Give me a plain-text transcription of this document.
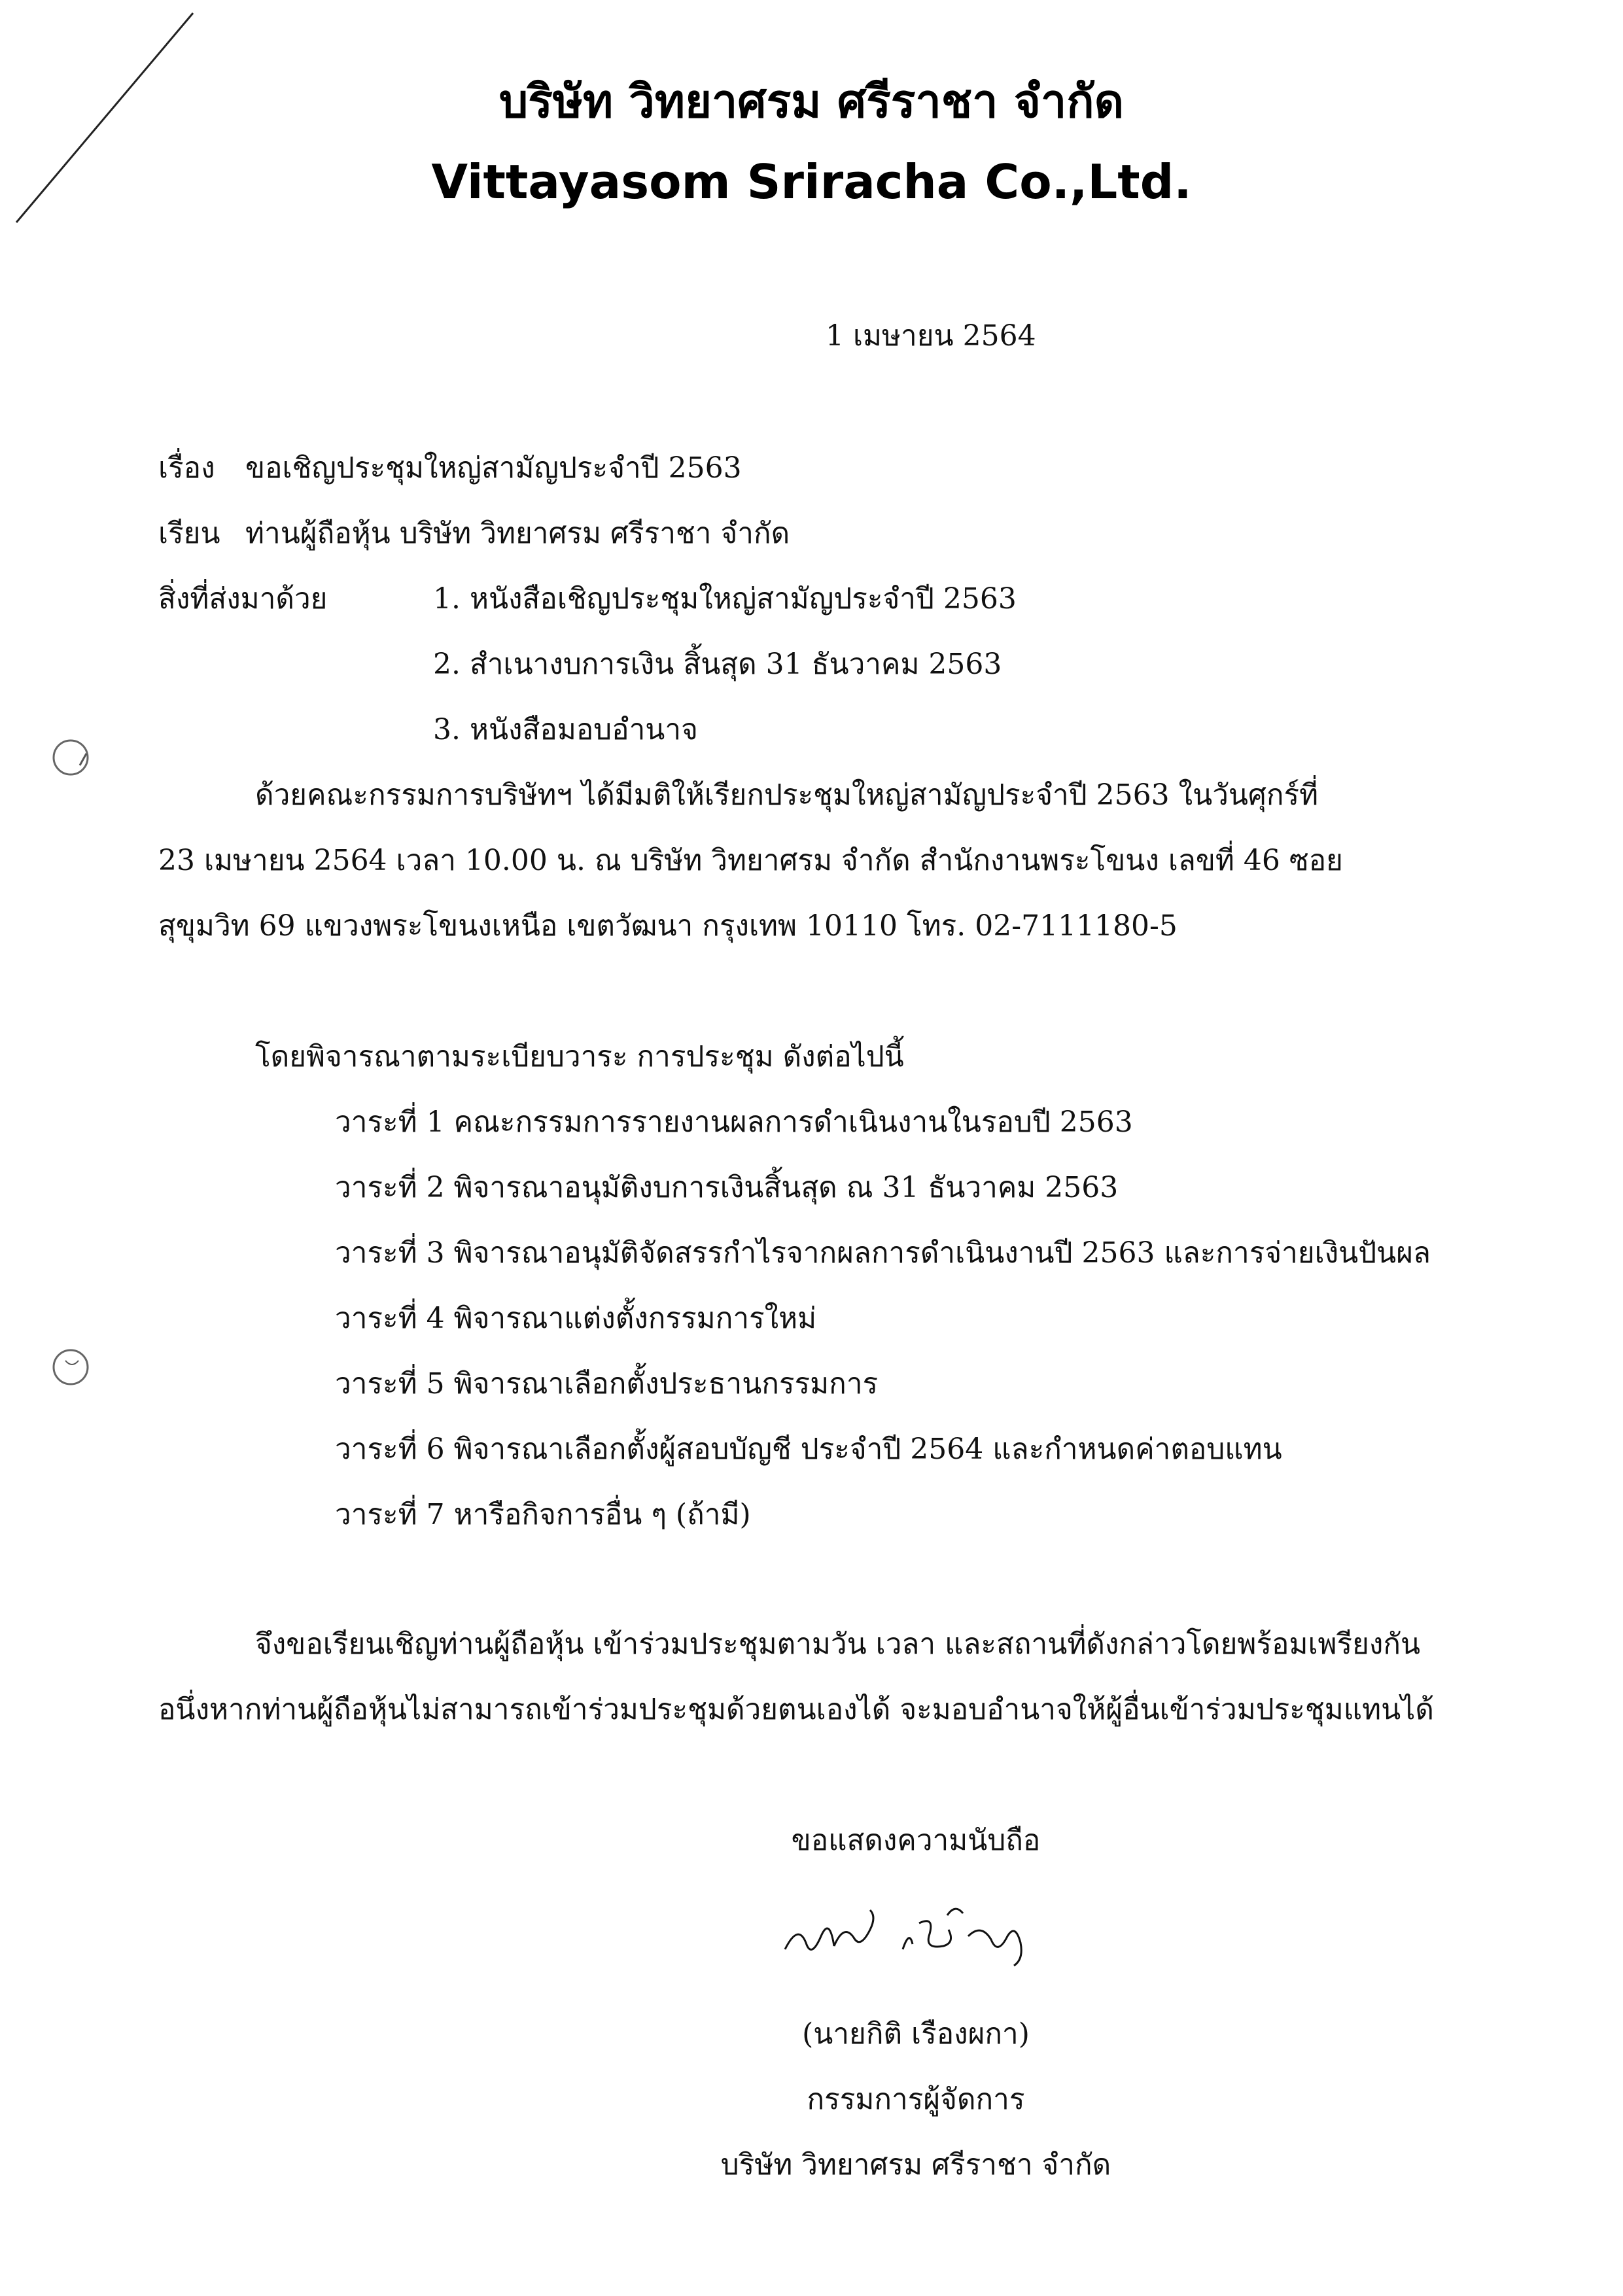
บริษัท วิทยาศรม ศรีราชา จำกัด
Vittayasom Sriracha Co.,Ltd.
1 เมษายน 2564
เรื่อง ขอเชิญประชุมใหญ่สามัญประจำปี 2563
เรียน ท่านผู้ถือหุ้น บริษัท วิทยาศรม ศรีราชา จำกัด
สิ่งที่ส่งมาด้วย	1. หนังสือเชิญประชุมใหญ่สามัญประจำปี 2563
2. สำเนางบการเงิน สิ้นสุด 31 ธันวาคม 2563
3. หนังสือมอบอำนาจ
ด้วยคณะกรรมการบริษัทฯ ได้มีมติให้เรียกประชุมใหญ่สามัญประจำปี 2563 ในวันศุกร์ที่
23 เมษายน 2564 เวลา 10.00 น. ณ บริษัท วิทยาศรม จำกัด สำนักงานพระโขนง เลขที่ 46 ซอย
สุขุมวิท 69 แขวงพระโขนงเหนือ เขตวัฒนา กรุงเทพ 10110 โทร. 02-7111180-5
โดยพิจารณาตามระเบียบวาระ การประชุม ดังต่อไปนี้
วาระที่ 1 คณะกรรมการรายงานผลการดำเนินงานในรอบปี 2563
วาระที่ 2 พิจารณาอนุมัติงบการเงินสิ้นสุด ณ 31 ธันวาคม 2563
วาระที่ 3 พิจารณาอนุมัติจัดสรรกำไรจากผลการดำเนินงานปี 2563 และการจ่ายเงินปันผล
วาระที่ 4 พิจารณาแต่งตั้งกรรมการใหม่
วาระที่ 5 พิจารณาเลือกตั้งประธานกรรมการ
วาระที่ 6 พิจารณาเลือกตั้งผู้สอบบัญชี ประจำปี 2564 และกำหนดค่าตอบแทน
วาระที่ 7 หารือกิจการอื่น ๆ (ถ้ามี)
จึงขอเรียนเชิญท่านผู้ถือหุ้น เข้าร่วมประชุมตามวัน เวลา และสถานที่ดังกล่าวโดยพร้อมเพรียงกัน
อนึ่งหากท่านผู้ถือหุ้นไม่สามารถเข้าร่วมประชุมด้วยตนเองได้ จะมอบอำนาจให้ผู้อื่นเข้าร่วมประชุมแทนได้
ขอแสดงความนับถือ
(นายกิติ เรืองผกา)
กรรมการผู้จัดการ
บริษัท วิทยาศรม ศรีราชา จำกัด
